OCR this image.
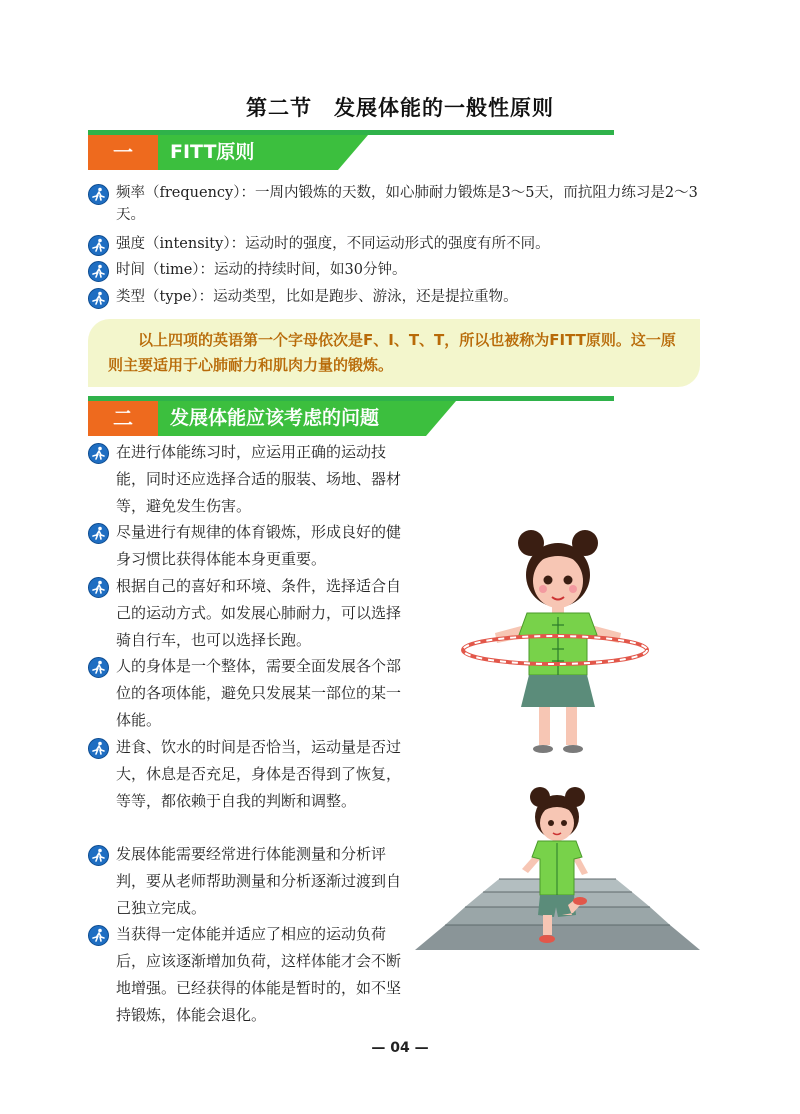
第二节　发展体能的一般性原则
一	FITT原则
频率（frequency）：一周内锻炼的天数，如心肺耐力锻炼是3～5天，而抗阻力练习是2～3天。
强度（intensity）：运动时的强度，不同运动形式的强度有所不同。
时间（time）：运动的持续时间，如30分钟。
类型（type）：运动类型，比如是跑步、游泳，还是提拉重物。
以上四项的英语第一个字母依次是F、I、T、T，所以也被称为FITT原则。这一原则主要适用于心肺耐力和肌肉力量的锻炼。
二	发展体能应该考虑的问题
在进行体能练习时，应运用正确的运动技能，同时还应选择合适的服装、场地、器材等，避免发生伤害。
尽量进行有规律的体育锻炼，形成良好的健身习惯比获得体能本身更重要。
根据自己的喜好和环境、条件，选择适合自己的运动方式。如发展心肺耐力，可以选择骑自行车，也可以选择长跑。
人的身体是一个整体，需要全面发展各个部位的各项体能，避免只发展某一部位的某一体能。
进食、饮水的时间是否恰当，运动量是否过大，休息是否充足，身体是否得到了恢复，等等，都依赖于自我的判断和调整。
发展体能需要经常进行体能测量和分析评判，要从老师帮助测量和分析逐渐过渡到自己独立完成。
当获得一定体能并适应了相应的运动负荷后，应该逐渐增加负荷，这样体能才会不断地增强。已经获得的体能是暂时的，如不坚持锻炼，体能会退化。
— 04 —
